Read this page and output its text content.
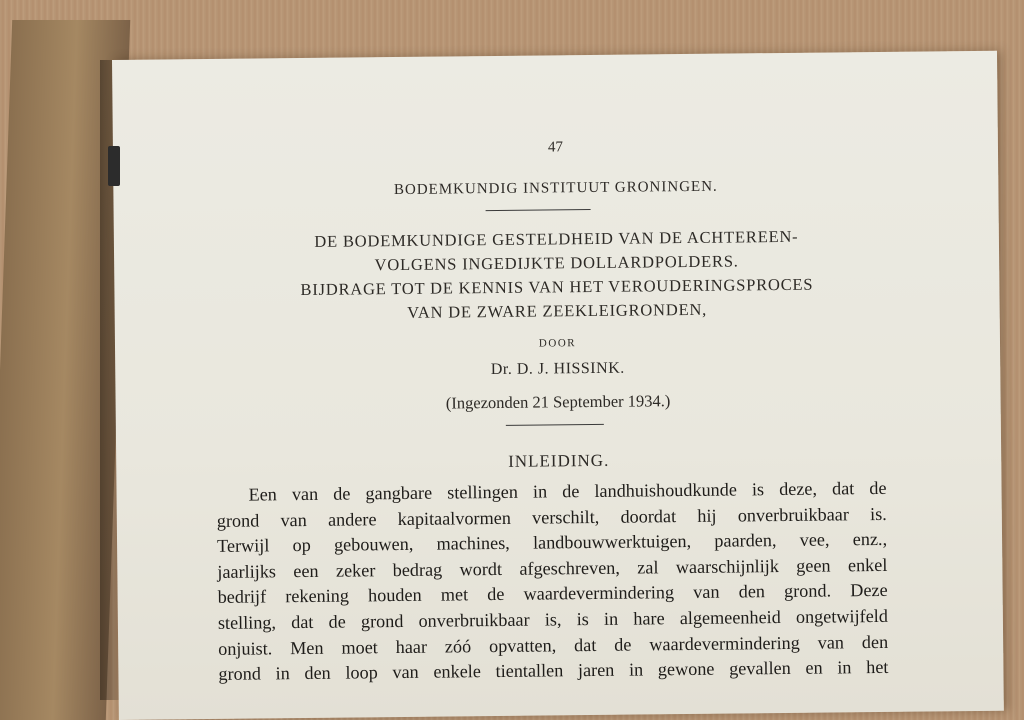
47
BODEMKUNDIG INSTITUUT GRONINGEN.
DE BODEMKUNDIGE GESTELDHEID VAN DE ACHTEREEN-
VOLGENS INGEDIJKTE DOLLARDPOLDERS.
BIJDRAGE TOT DE KENNIS VAN HET VEROUDERINGSPROCES
VAN DE ZWARE ZEEKLEIGRONDEN,
DOOR
Dr. D. J. HISSINK.
(Ingezonden 21 September 1934.)
INLEIDING.
Een van de gangbare stellingen in de landhuishoudkunde is deze, dat de
grond van andere kapitaalvormen verschilt, doordat hij onverbruikbaar is.
Terwijl op gebouwen, machines, landbouwwerktuigen, paarden, vee, enz.,
jaarlijks een zeker bedrag wordt afgeschreven, zal waarschijnlijk geen enkel
bedrijf rekening houden met de waardevermindering van den grond. Deze
stelling, dat de grond onverbruikbaar is, is in hare algemeenheid ongetwijfeld
onjuist. Men moet haar zóó opvatten, dat de waardevermindering van den
grond in den loop van enkele tientallen jaren in gewone gevallen en in het
